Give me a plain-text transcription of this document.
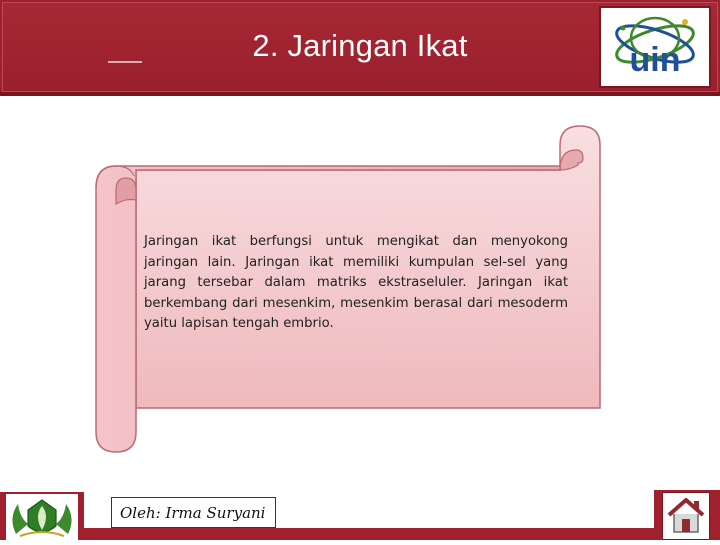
2. Jaringan Ikat	uin
Jaringan ikat berfungsi untuk mengikat dan menyokong jaringan lain. Jaringan ikat memiliki kumpulan sel-sel yang jarang tersebar dalam matriks ekstraseluler. Jaringan ikat berkembang dari mesenkim, mesenkim berasal dari mesoderm yaitu lapisan tengah embrio.
Oleh: Irma Suryani
